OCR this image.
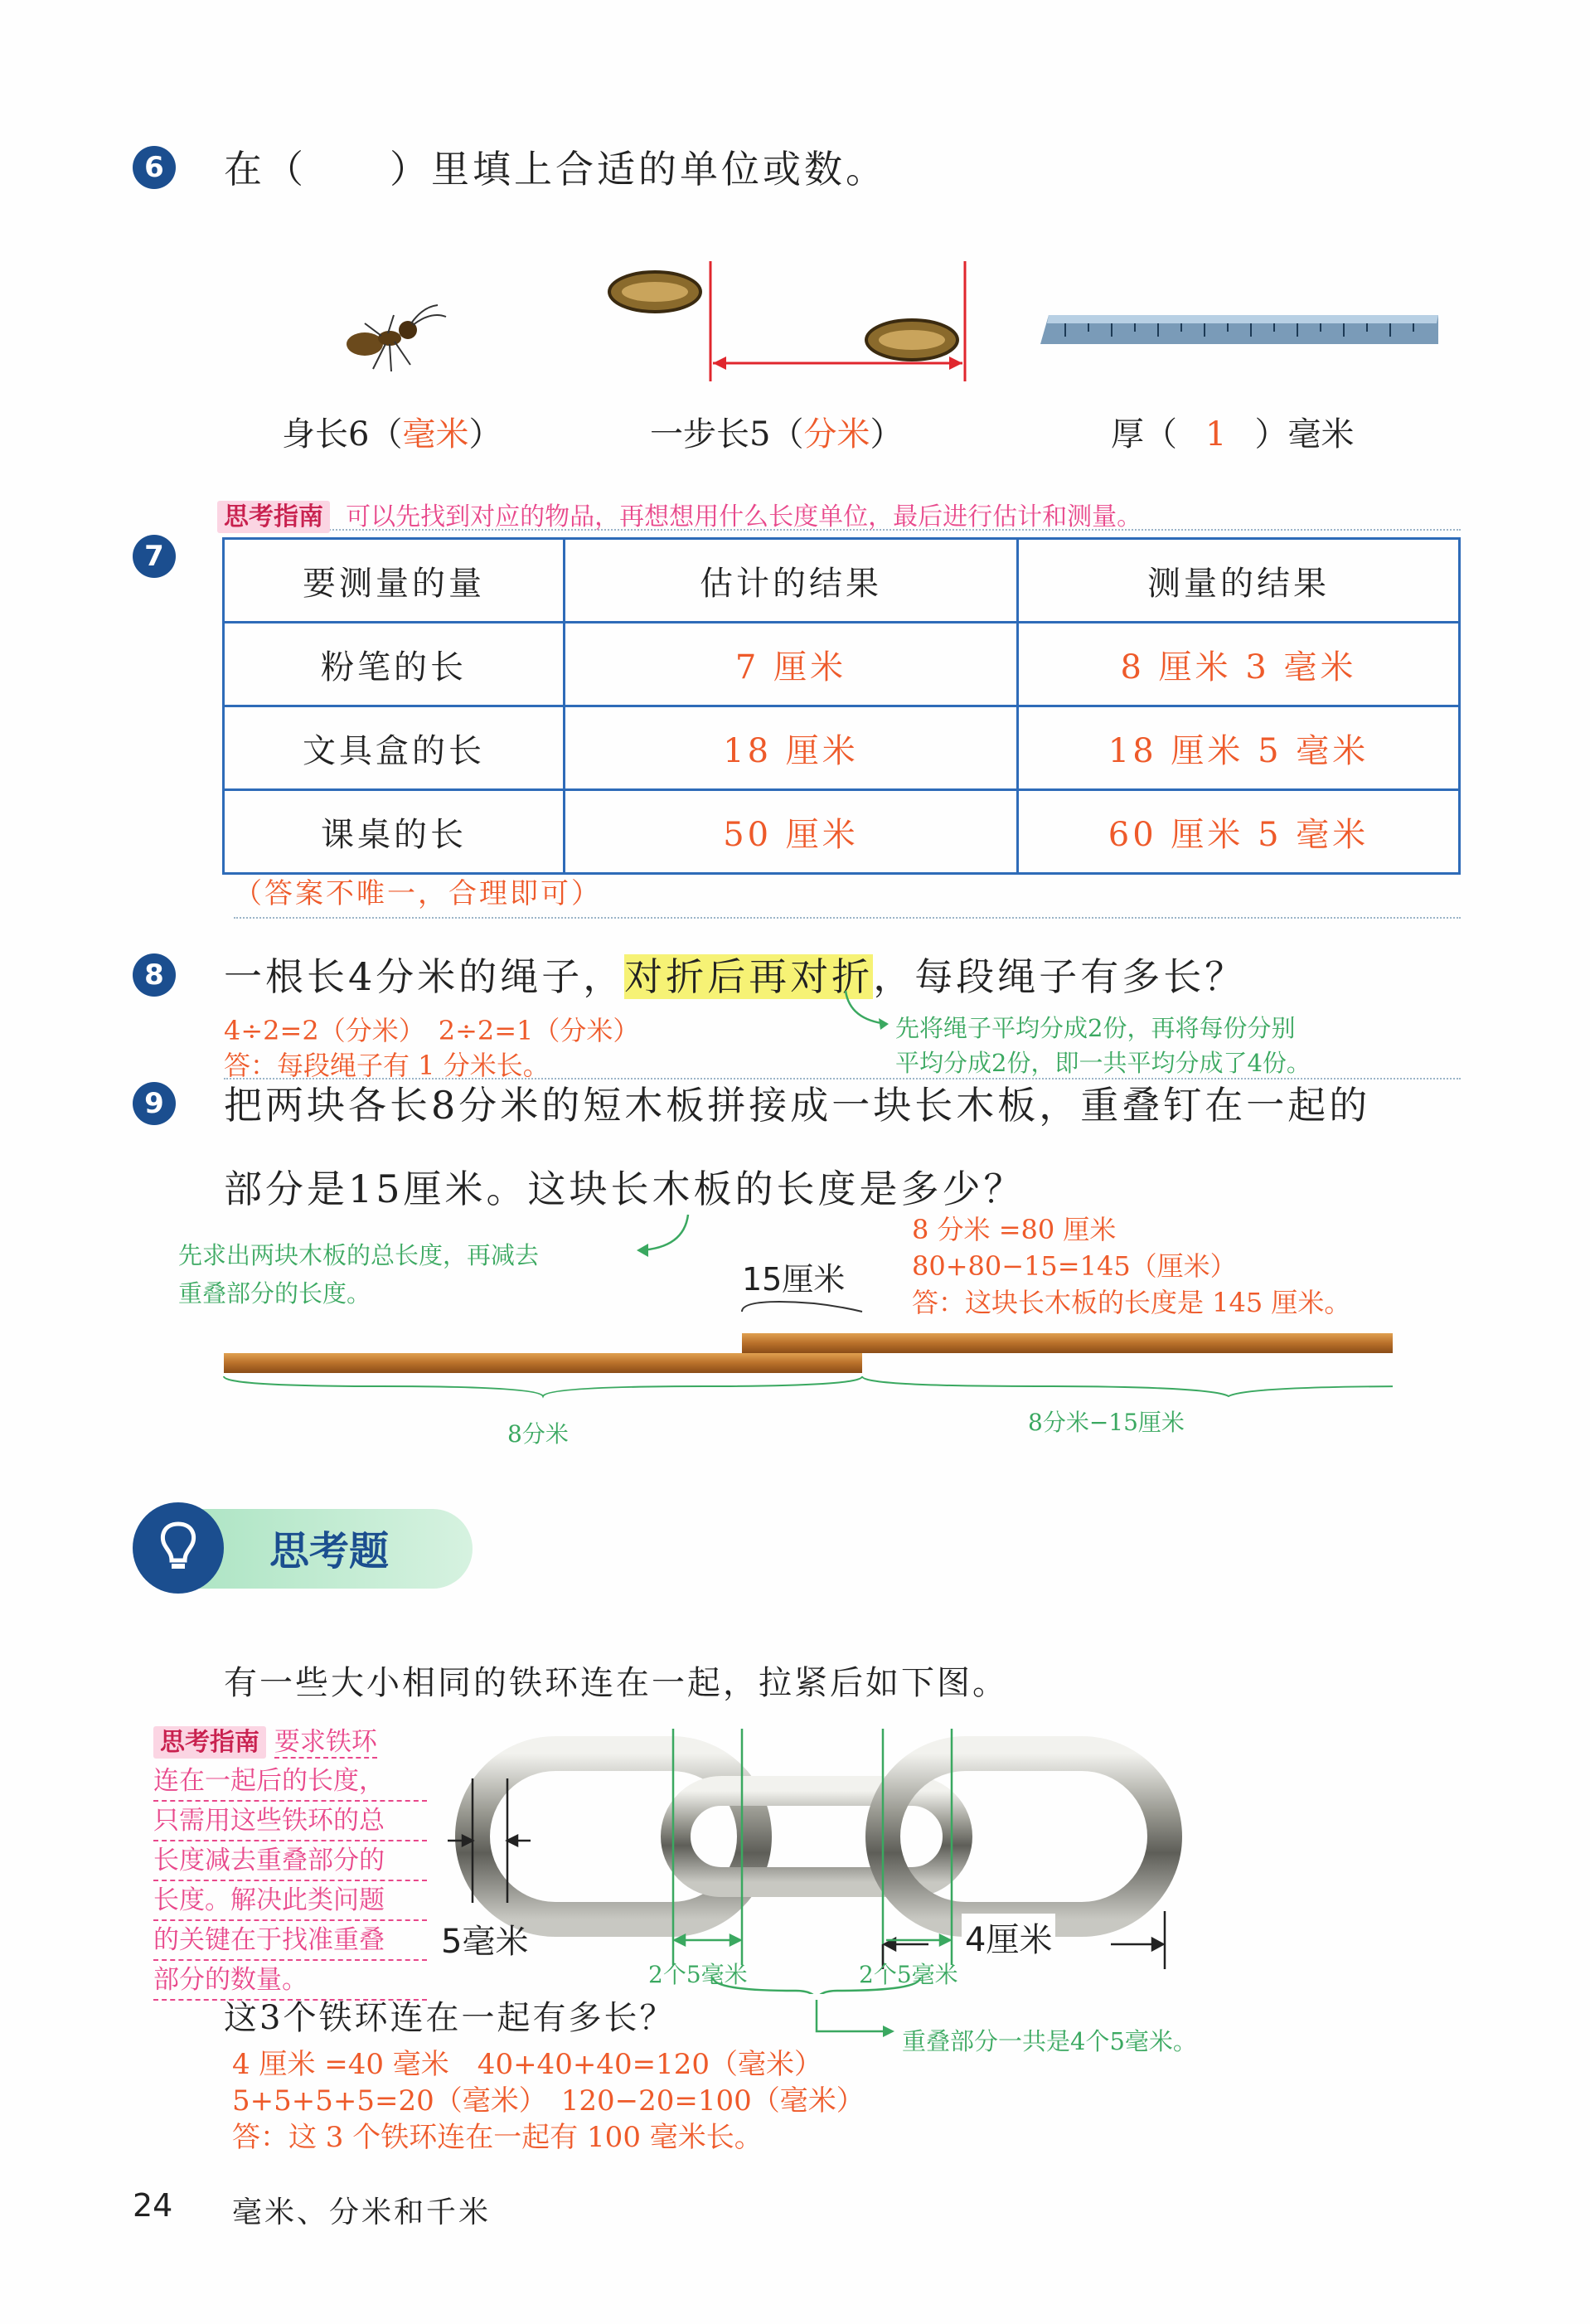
6	在（　　）里填上合适的单位或数。
身长6（毫米）	一步长5（分米）	厚（ 1 ）毫米
思考指南 可以先找到对应的物品，再想想用什么长度单位，最后进行估计和测量。
7
要测量的量	估计的结果	测量的结果
粉笔的长	7 厘米	8 厘米 3 毫米
文具盒的长	18 厘米	18 厘米 5 毫米
课桌的长	50 厘米	60 厘米 5 毫米
（答案不唯一，合理即可）
8	一根长4分米的绳子，对折后再对折，每段绳子有多长？
4÷2=2（分米）　2÷2=1（分米）
答：每段绳子有 1 分米长。
先将绳子平均分成2份，再将每份分别
平均分成2份，即一共平均分成了4份。
9	把两块各长8分米的短木板拼接成一块长木板，重叠钉在一起的
部分是15厘米。这块长木板的长度是多少？
先求出两块木板的总长度，再减去
重叠部分的长度。
8 分米 =80 厘米
80+80−15=145（厘米）
答：这块长木板的长度是 145 厘米。
15厘米
8分米	8分米−15厘米
思考题
有一些大小相同的铁环连在一起，拉紧后如下图。
思考指南 要求铁环
连在一起后的长度，
只需用这些铁环的总
长度减去重叠部分的
长度。解决此类问题
的关键在于找准重叠
部分的数量。
5毫米	4厘米
2个5毫米	2个5毫米
这3个铁环连在一起有多长？
重叠部分一共是4个5毫米。
4 厘米 =40 毫米　40+40+40=120（毫米）
5+5+5+5=20（毫米）　120−20=100（毫米）
答：这 3 个铁环连在一起有 100 毫米长。
24 毫米、分米和千米
